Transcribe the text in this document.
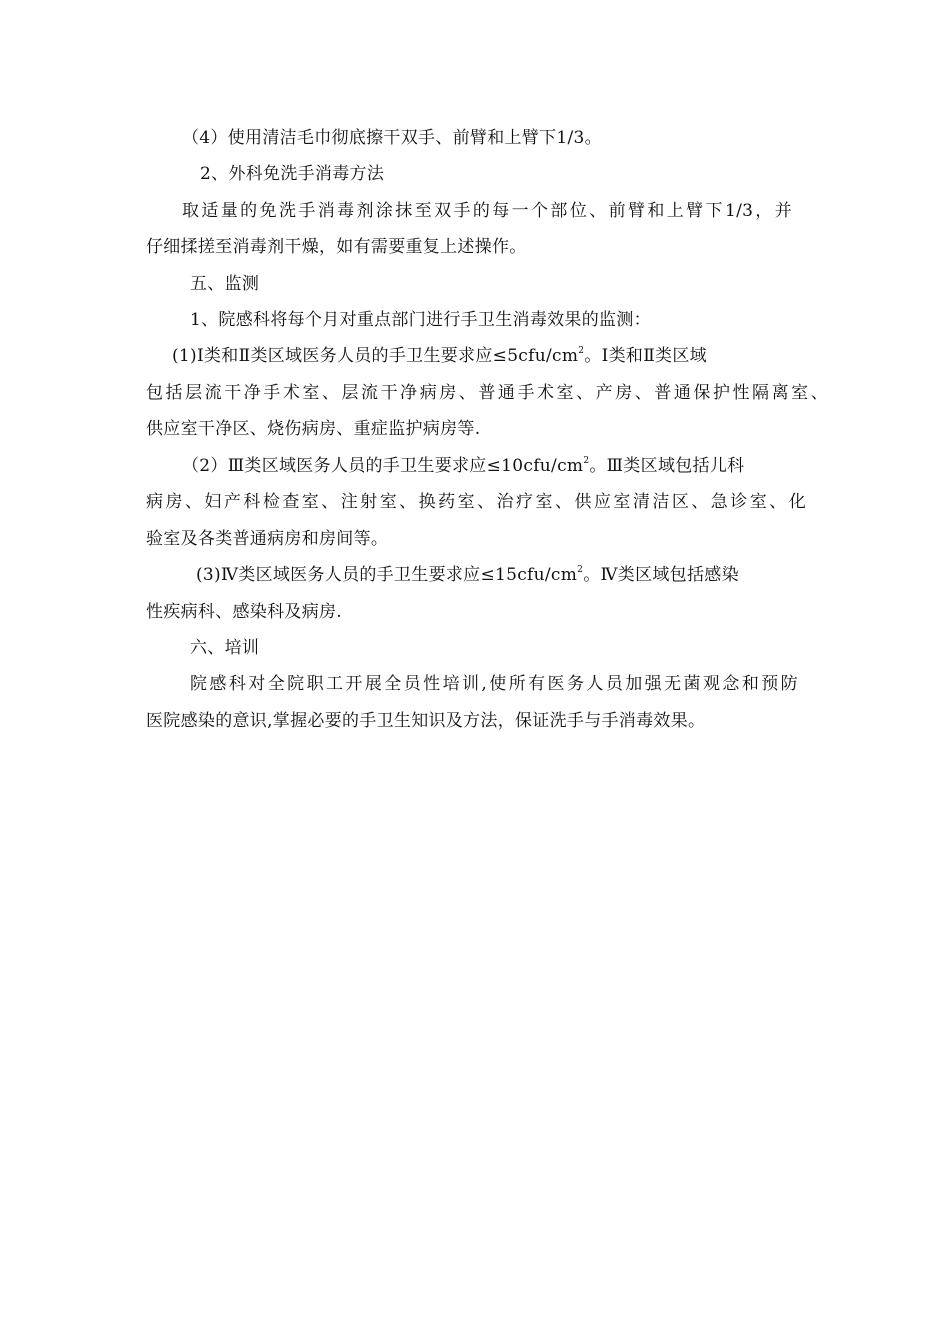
（4）使用清洁毛巾彻底擦干双手、前臂和上臂下1/3。
2、外科免洗手消毒方法
取适量的免洗手消毒剂涂抹至双手的每一个部位、前臂和上臂下1/3，并
仔细揉搓至消毒剂干燥，如有需要重复上述操作。
五、监测
1、院感科将每个月对重点部门进行手卫生消毒效果的监测：
(1)Ⅰ类和Ⅱ类区域医务人员的手卫生要求应$\le 5cfu/cm^2$。Ⅰ类和Ⅱ类区域
包括层流干净手术室、层流干净病房、普通手术室、产房、普通保护性隔离室、
供应室干净区、烧伤病房、重症监护病房等.
（2）Ⅲ类区域医务人员的手卫生要求应$\le 10cfu/cm^2$。Ⅲ类区域包括儿科
病房、妇产科检查室、注射室、换药室、治疗室、供应室清洁区、急诊室、化
验室及各类普通病房和房间等。
(3)Ⅳ类区域医务人员的手卫生要求应$\le 15cfu/cm^2$。Ⅳ类区域包括感染
性疾病科、感染科及病房.
六、培训
院感科对全院职工开展全员性培训,使所有医务人员加强无菌观念和预防
医院感染的意识,掌握必要的手卫生知识及方法，保证洗手与手消毒效果。
